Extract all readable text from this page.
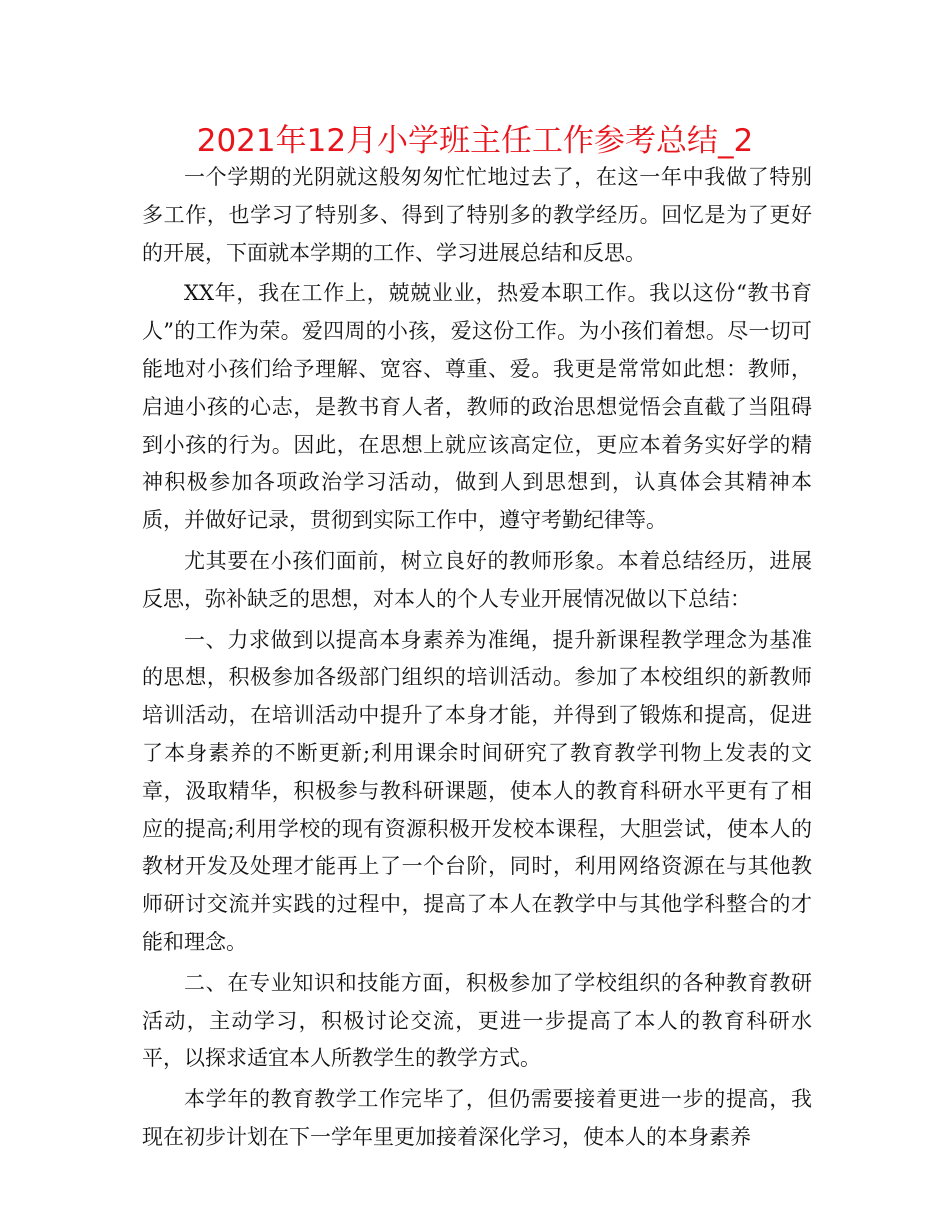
2021年12月小学班主任工作参考总结_2

一个学期的光阴就这般匆匆忙忙地过去了，在这一年中我做了特别多工作，也学习了特别多、得到了特别多的教学经历。回忆是为了更好的开展，下面就本学期的工作、学习进展总结和反思。

XX年，我在工作上，兢兢业业，热爱本职工作。我以这份“教书育人”的工作为荣。爱四周的小孩，爱这份工作。为小孩们着想。尽一切可能地对小孩们给予理解、宽容、尊重、爱。我更是常常如此想：教师，启迪小孩的心志，是教书育人者，教师的政治思想觉悟会直截了当阻碍到小孩的行为。因此，在思想上就应该高定位，更应本着务实好学的精神积极参加各项政治学习活动，做到人到思想到，认真体会其精神本质，并做好记录，贯彻到实际工作中，遵守考勤纪律等。

尤其要在小孩们面前，树立良好的教师形象。本着总结经历，进展反思，弥补缺乏的思想，对本人的个人专业开展情况做以下总结：

一、力求做到以提高本身素养为准绳，提升新课程教学理念为基准的思想，积极参加各级部门组织的培训活动。参加了本校组织的新教师培训活动，在培训活动中提升了本身才能，并得到了锻炼和提高，促进了本身素养的不断更新;利用课余时间研究了教育教学刊物上发表的文章，汲取精华，积极参与教科研课题，使本人的教育科研水平更有了相应的提高;利用学校的现有资源积极开发校本课程，大胆尝试，使本人的教材开发及处理才能再上了一个台阶，同时，利用网络资源在与其他教师研讨交流并实践的过程中，提高了本人在教学中与其他学科整合的才能和理念。

二、在专业知识和技能方面，积极参加了学校组织的各种教育教研活动，主动学习，积极讨论交流，更进一步提高了本人的教育科研水平，以探求适宜本人所教学生的教学方式。

本学年的教育教学工作完毕了，但仍需要接着更进一步的提高，我现在初步计划在下一学年里更加接着深化学习，使本人的本身素养
